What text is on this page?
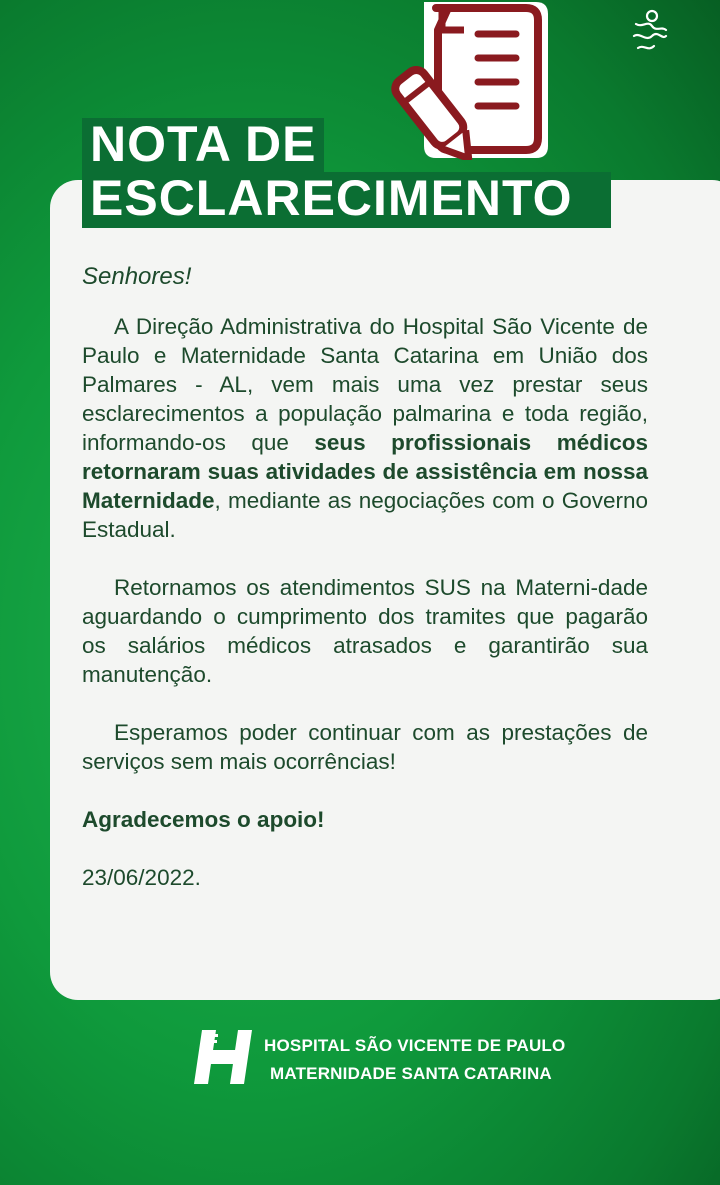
NOTA DE
ESCLARECIMENTO

Senhores!

A Direção Administrativa do Hospital São Vicente de Paulo e Maternidade Santa Catarina em União dos Palmares - AL, vem mais uma vez prestar seus esclarecimentos a população palmarina e toda região, informando-os que seus profissionais médicos retornaram suas atividades de assistência em nossa Maternidade, mediante as negociações com o Governo Estadual.

Retornamos os atendimentos SUS na Materni-dade aguardando o cumprimento dos tramites que pagarão os salários médicos atrasados e garantirão sua manutenção.

Esperamos poder continuar com as prestações de serviços sem mais ocorrências!

Agradecemos o apoio!

23/06/2022.

HOSPITAL SÃO VICENTE DE PAULO
MATERNIDADE SANTA CATARINA
